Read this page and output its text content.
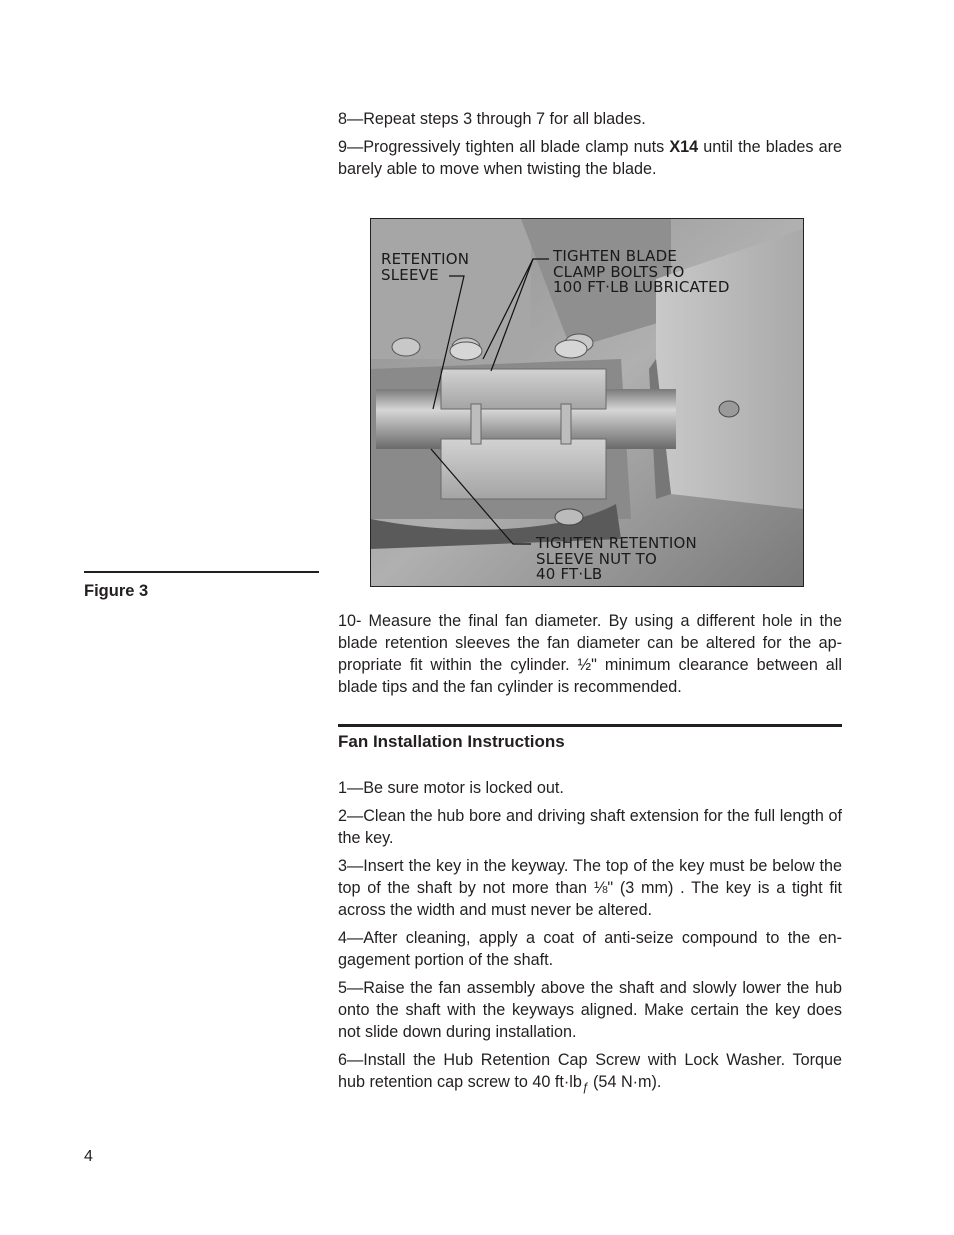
8—Repeat steps 3 through 7 for all blades.

9—Progressively tighten all blade clamp nuts X14 until the blades are barely able to move when twisting the blade.

RETENTION
SLEEVE
TIGHTEN BLADE
CLAMP BOLTS TO
100 FT·LB LUBRICATED
TIGHTEN RETENTION
SLEEVE NUT TO
40 FT·LB
Figure 3

10- Measure the final fan diameter. By using a different hole in the blade retention sleeves the fan diameter can be altered for the ap-propriate fit within the cylinder. ½" minimum clearance between all blade tips and the fan cylinder is recommended.

Fan Installation Instructions

1—Be sure motor is locked out.

2—Clean the hub bore and driving shaft extension for the full length of the key.

3—Insert the key in the keyway. The top of the key must be below the top of the shaft by not more than ⅛" (3 mm) . The key is a tight fit across the width and must never be altered.

4—After cleaning, apply a coat of anti-seize compound to the en-gagement portion of the shaft.

5—Raise the fan assembly above the shaft and slowly lower the hub onto the shaft with the keyways aligned. Make certain the key does not slide down during installation.

6—Install the Hub Retention Cap Screw with Lock Washer. Torque hub retention cap screw to 40 $ft\cdot lb_ƒ$ (54 N·m).

4
